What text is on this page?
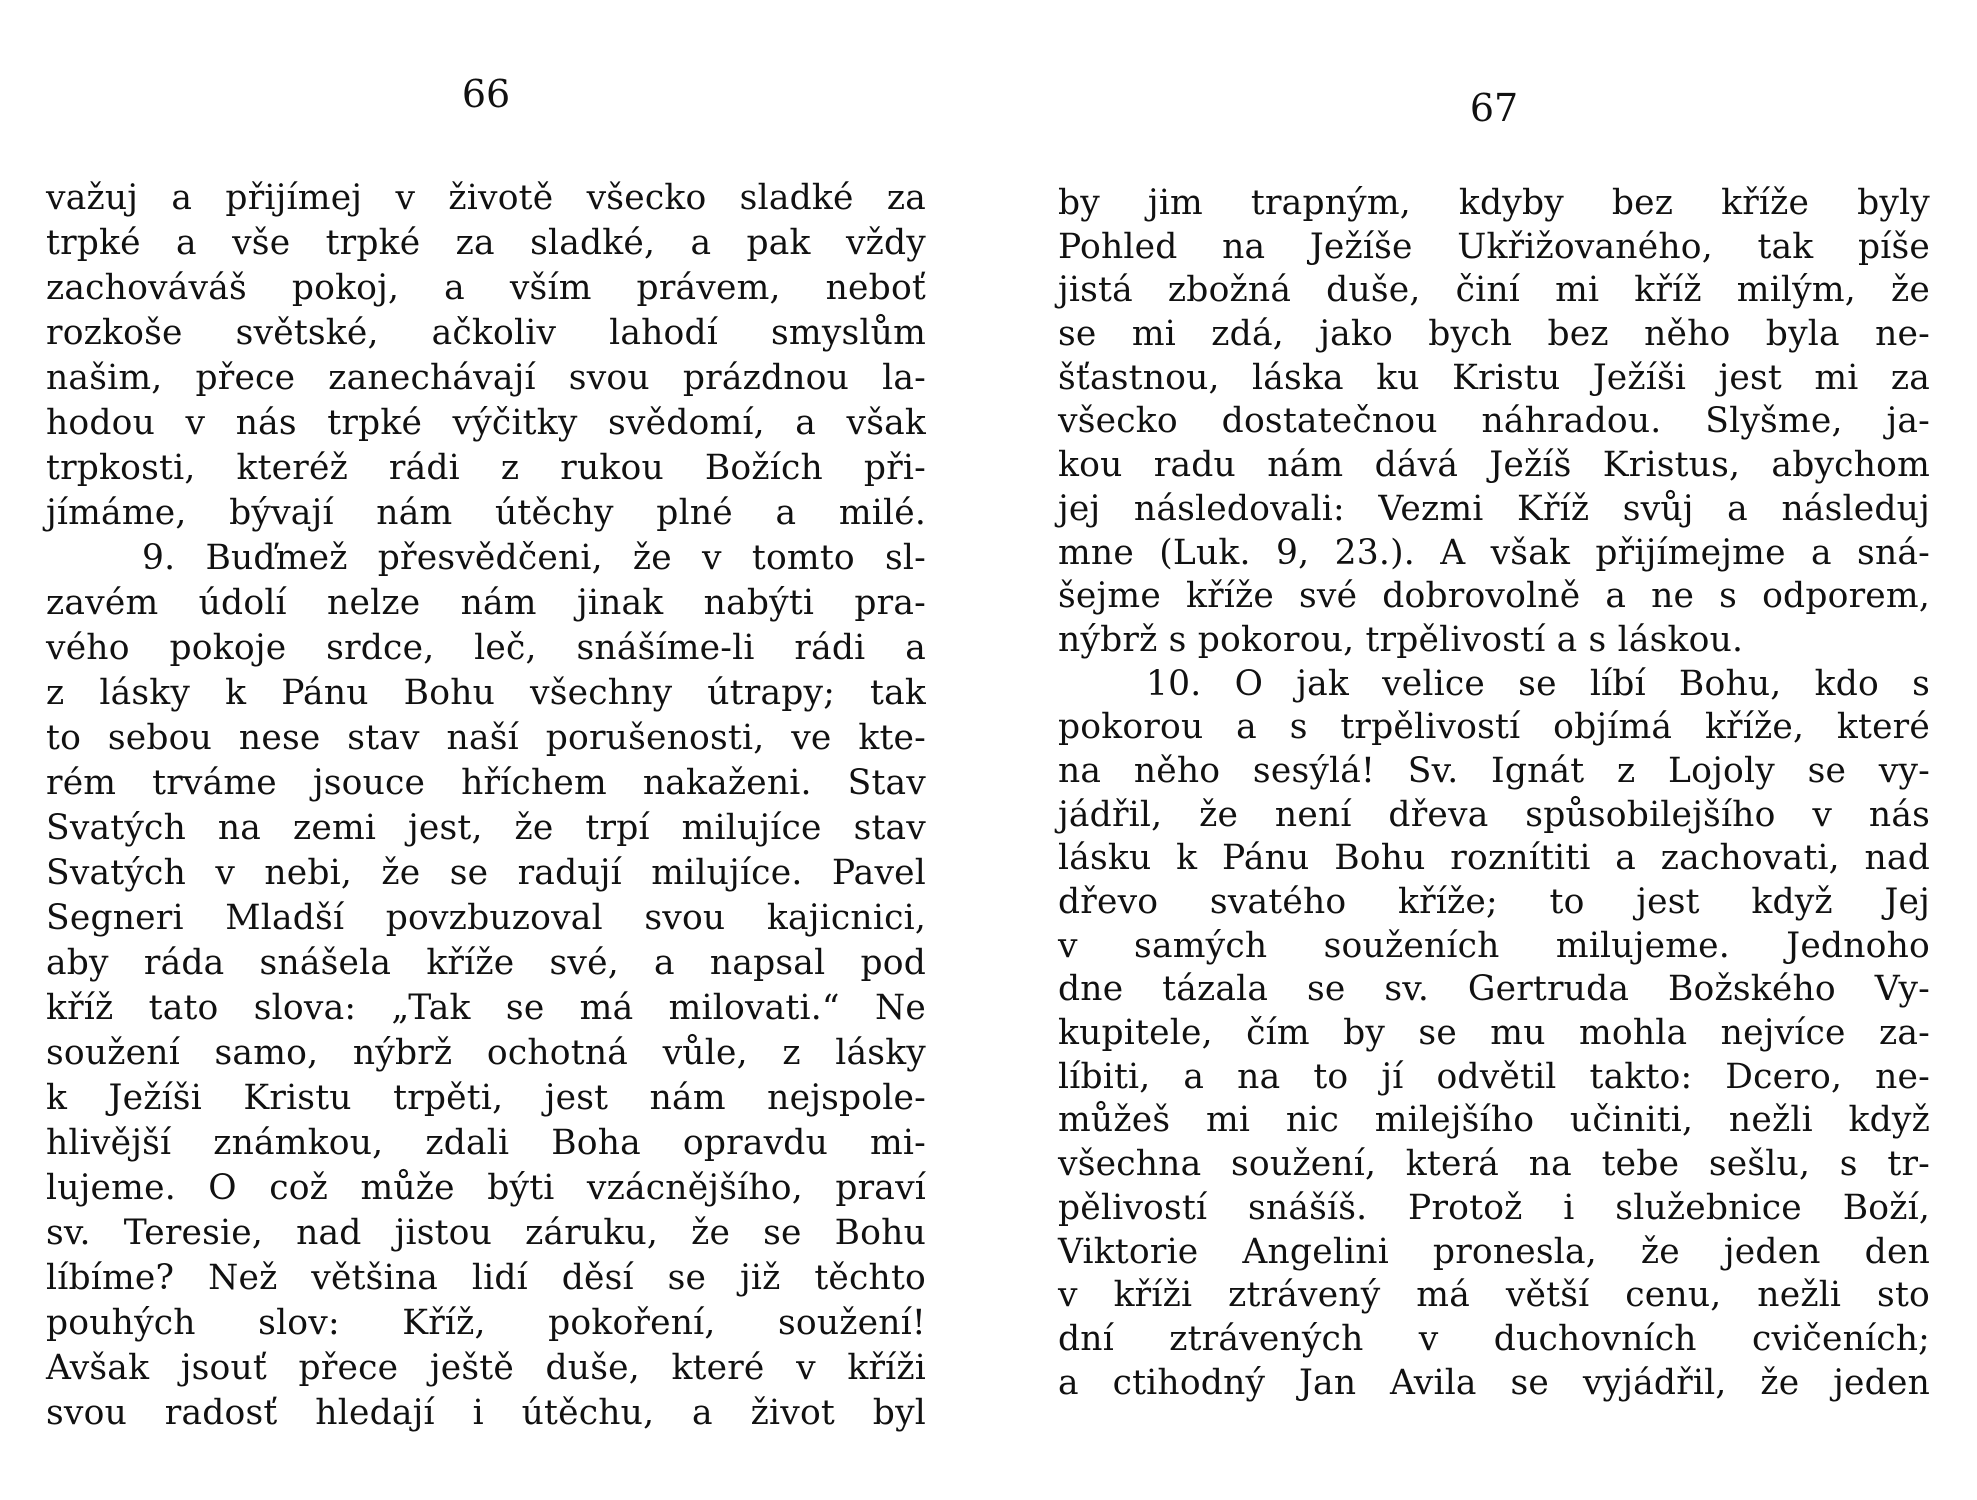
66
važuj a přijímej v životě všecko sladké za
trpké a vše trpké za sladké, a pak vždy
zachováváš pokoj, a vším právem, neboť
rozkoše světské, ačkoliv lahodí smyslům
našim, přece zanechávají svou prázdnou la-
hodou v nás trpké výčitky svědomí, a však
trpkosti, kteréž rádi z rukou Božích při-
jímáme, bývají nám útěchy plné a milé.
9. Buďmež přesvědčeni, že v tomto sl-
zavém údolí nelze nám jinak nabýti pra-
vého pokoje srdce, leč, snášíme-li rádi a
z lásky k Pánu Bohu všechny útrapy; tak
to sebou nese stav naší porušenosti, ve kte-
rém trváme jsouce hříchem nakaženi. Stav
Svatých na zemi jest, že trpí milujíce stav
Svatých v nebi, že se radují milujíce. Pavel
Segneri Mladší povzbuzoval svou kajicnici,
aby ráda snášela kříže své, a napsal pod
kříž tato slova: „Tak se má milovati.“ Ne
soužení samo, nýbrž ochotná vůle, z lásky
k Ježíši Kristu trpěti, jest nám nejspole-
hlivější známkou, zdali Boha opravdu mi-
lujeme. O což může býti vzácnějšího, praví
sv. Teresie, nad jistou záruku, že se Bohu
líbíme? Než většina lidí děsí se již těchto
pouhých slov: Kříž, pokoření, soužení!
Avšak jsouť přece ještě duše, které v kříži
svou radosť hledají i útěchu, a život byl
67
by jim trapným, kdyby bez kříže byly
Pohled na Ježíše Ukřižovaného, tak píše
jistá zbožná duše, činí mi kříž milým, že
se mi zdá, jako bych bez něho byla ne-
šťastnou, láska ku Kristu Ježíši jest mi za
všecko dostatečnou náhradou. Slyšme, ja-
kou radu nám dává Ježíš Kristus, abychom
jej následovali: Vezmi Kříž svůj a následuj
mne (Luk. 9, 23.). A však přijímejme a sná-
šejme kříže své dobrovolně a ne s odporem,
nýbrž s pokorou, trpělivostí a s láskou.
10. O jak velice se líbí Bohu, kdo s
pokorou a s trpělivostí objímá kříže, které
na něho sesýlá! Sv. Ignát z Lojoly se vy-
jádřil, že není dřeva spůsobilejšího v nás
lásku k Pánu Bohu roznítiti a zachovati, nad
dřevo svatého kříže; to jest když Jej
v samých souženích milujeme. Jednoho
dne tázala se sv. Gertruda Božského Vy-
kupitele, čím by se mu mohla nejvíce za-
líbiti, a na to jí odvětil takto: Dcero, ne-
můžeš mi nic milejšího učiniti, nežli když
všechna soužení, která na tebe sešlu, s tr-
pělivostí snášíš. Protož i služebnice Boží,
Viktorie Angelini pronesla, že jeden den
v kříži ztrávený má větší cenu, nežli sto
dní ztrávených v duchovních cvičeních;
a ctihodný Jan Avila se vyjádřil, že jeden
